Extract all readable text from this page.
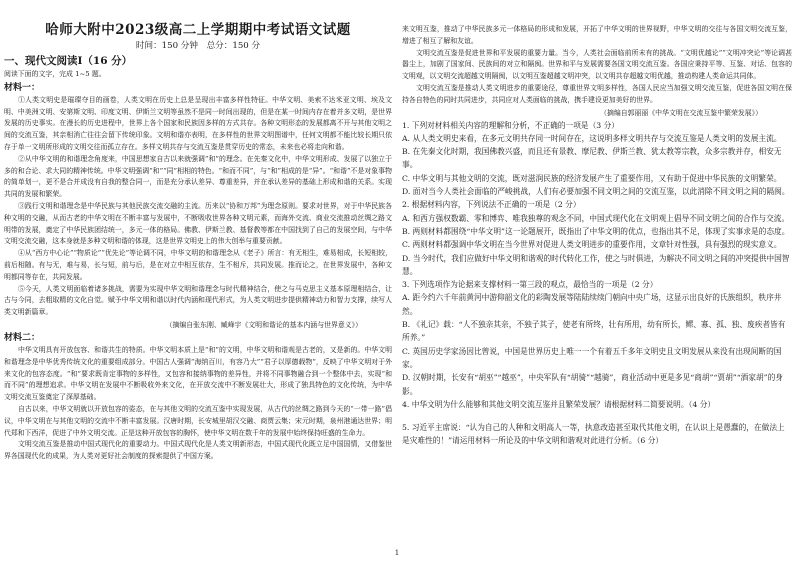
哈师大附中2023级高二上学期期中考试语文试题
时间：150 分钟　总分：150 分
一、现代文阅读Ⅰ（16 分）
阅读下面的文字，完成 1~5 题。
材料一：

①人类文明史是璀璨夺目的画卷，人类文明在历史上总是呈现出丰富多样性特征。中华文明、美索不达米亚文明、埃及文明、中美洲文明、安第斯文明、印度文明、伊斯兰文明等虽然不是同一时间出现的，但是在某一时间内存在着并多文明，是世界发展的历史事实。在漫长的历史进程中，世界上各个国家和民族因多样的方式共存。各种文明形态的发展都离不开与其他文明之间的交流互鉴，其亲相消亡往往会留下传统印象。文明和谐亦表明，在多样性的世界文明图谱中，任何文明都不能比较长期只依存于单一文明所形成的文明交往而孤立存在。多样文明共存与交流互鉴是贯穿历史的常态，未来也必将走向和谐。

②从中华文明的和谐理念角度来，中国思想家自古以来就强调“和”的理念。在先秦文化中，中华文明形成、发展了以独立于多的和合论、求大同的精神传统。中华文明强调“和”“同”相相的特色。“和而不同”，与“和”相成的是“异”。“和谐”不是对象事物的简单划一，更不是合并成没有自我的整合同一，而是充分承认差异、尊重差异，并在承认差异的基础上形成和谐的关系。实现共同的发展和繁荣。

③践行文明和谐理念是中华民族与其他民族交流交融的主流。历来以“协和万邦”为理念原则。要求对世界，对于中华民族各种文明的交融，从而古老的中华文明在不断丰富与发展中，不断吸收世界各种文明元素，而海外交流、商业交流推动丝绸之路文明带的发展，奠定了中华民族团结统一，多元一体的格局。佛教、伊斯兰教、基督教等都在中国找到了自己的发展空间，与中华文明交流交融，这本身就是多种文明和谐的体现，这是世界文明史上的伟大创举与重要贡献。

④从“西方中心论”“物质论”“优先论”等论调不同，中华文明的和谐理念从《老子》所言：有无相生，难易相成，长短相较，前后相随。有与无，难与易，长与短，前与后，是在对立中相互依存，生不相斥，共同发展。推而论之，在世界发展中，各种文明都同等存在，共同发展。

⑤今天，人类文明面临着诸多挑战，需要为实现中华文明和谐理念与时代精神结合，使之与马克思主义基本原理相结合，让古与今同，去粗取精的文化自觉。赋予中华文明和谐以时代内涵和现代形式，为人类文明进步提供精神动力和智力支撑，续写人类文明新篇章。

（摘编自张东刚、臧峰宇《文明和谐论的基本内涵与世界意义》）
材料二：

中华文明具有开放包容、和谐共生的特质。中华文明本质上是“和”的文明，中华文明和谐观是古老的，又是新的。中华文明和谐理念是中华优秀传统文化的重要组成部分。中国古人强调“海纳百川，有容乃大”“君子以厚德载物”，反映了中华文明对于外来文化的包容态度。“和”要求既肯定事物的多样性，又包容和接纳事物的差异性，并将不同事物融合到一个整体中去，实现“和而不同”的理想追求。中华文明在发展中不断吸收外来文化，在开放交流中不断发展壮大，形成了独具特色的文化传统，为中华文明交流互鉴奠定了深厚基础。

自古以来，中华文明就以开放包容的姿态，在与其他文明的交流互鉴中实现发展，从古代的丝绸之路到今天的“一带一路”倡议，中华文明在与其他文明的交流中不断丰富发展。汉唐时期，长安城里胡汉交融、商贾云集；宋元时期，泉州港通达世界；明代郑和下西洋，促进了中外文明交流。正是这种开放包容的胸怀，使中华文明在数千年的发展中始终保持旺盛的生命力。

文明交流互鉴是推动中国式现代化的重要动力。中国式现代化是人类文明新形态，中国式现代化既立足中国国情，又借鉴世界各国现代化的成果，为人类对更好社会制度的探索提供了中国方案。

来文明互鉴，推动了中华民族多元一体格局的形成和发展，开拓了中华文明的世界视野，中华文明的交往与各国文明交流互鉴，增进了相互了解和友谊。

文明交流互鉴是促进世界和平发展的重要力量。当今，人类社会面临前所未有的挑战。“文明优越论”“文明冲突论”等论调甚嚣尘上，加剧了国家间、民族间的对立和隔阂。世界和平与发展需要各国文明交流互鉴。各国应秉持平等、互鉴、对话、包容的文明观，以文明交流超越文明隔阂，以文明互鉴超越文明冲突，以文明共存超越文明优越，推动构建人类命运共同体。

文明交流互鉴是推动人类文明进步的重要途径，尊重世界文明多样性，各国人民应当加强文明交流互鉴，促进各国文明在保持各自特色的同时共同进步，共同应对人类面临的挑战，携手建设更加美好的世界。

（摘编自郭丽丽《中华文明在交流互鉴中繁荣发展》）
1. 下列对材料相关内容的理解和分析，不正确的一项是（3 分）
A. 从人类文明史来看，在多元文明共存同一时间存在，这说明多样文明共存与交流互鉴是人类文明的发展主流。
B. 在先秦文化时期，我国佛教兴盛，而且还有景教、摩尼教、伊斯兰教、犹太教等宗教，众多宗教并存，相安无事。
C. 中华文明与其他文明的交流，既对滋润民族的经济发展产生了重要作用，又有助于促进中华民族的文明繁荣。
D. 面对当今人类社会面临的严峻挑战，人们有必要加强不同文明之间的交流互鉴，以此消除不同文明之间的隔阂。
2. 根据材料内容，下列说法不正确的一项是（2 分）
A. 和西方强权数霸、零和博弈、唯我独尊的观念不同，中国式现代化在文明观上倡导不同文明之间的合作与交流。
B. 两则材料都围绕“中华文明”这一论题展开，既指出了中华文明的优点，也指出其不足，体现了实事求是的态度。
C. 两则材料都强调中华文明在当今世界对促进人类文明进步的重要作用，文章针对性强，具有强烈的现实意义。
D. 当今时代，我们应做好中华文明和谐观的时代转化工作，使之与时俱进，为解决不同文明之间的冲突提供中国智慧。
3. 下列选项作为论据来支撑材料一第三段的观点，最恰当的一项是（2 分）
A. 距今约六千年前黄河中游仰韶文化的彩陶发展等陆陆续续门朝向中央广场，这显示出良好的氏族组织，秩序井然。
B. 《礼记》载：“人不独亲其亲，不独子其子，使老有所终，壮有所用，幼有所长，鳏、寡、孤、独、废疾者皆有所养。”
C. 英国历史学家汤因比曾说，中国是世界历史上唯一一个有着五千多年文明史且文明发展从来没有出现间断的国家。
D. 汉朝时期，长安有“胡巫”“越巫”，中央军队有“胡骑”“越骑”，商业活动中更是多见“商胡”“贾胡”“酒家胡”的身影。
4. 中华文明为什么能够和其他文明交流互鉴并且繁荣发展？请根据材料二简要说明。（4 分）
5. 习近平主席说：“认为自己的人种和文明高人一等，执意改造甚至取代其他文明，在认识上是愚蠢的，在做法上是灾难性的！”请运用材料一所论及的中华文明和谐观对此进行分析。（6 分）
1
